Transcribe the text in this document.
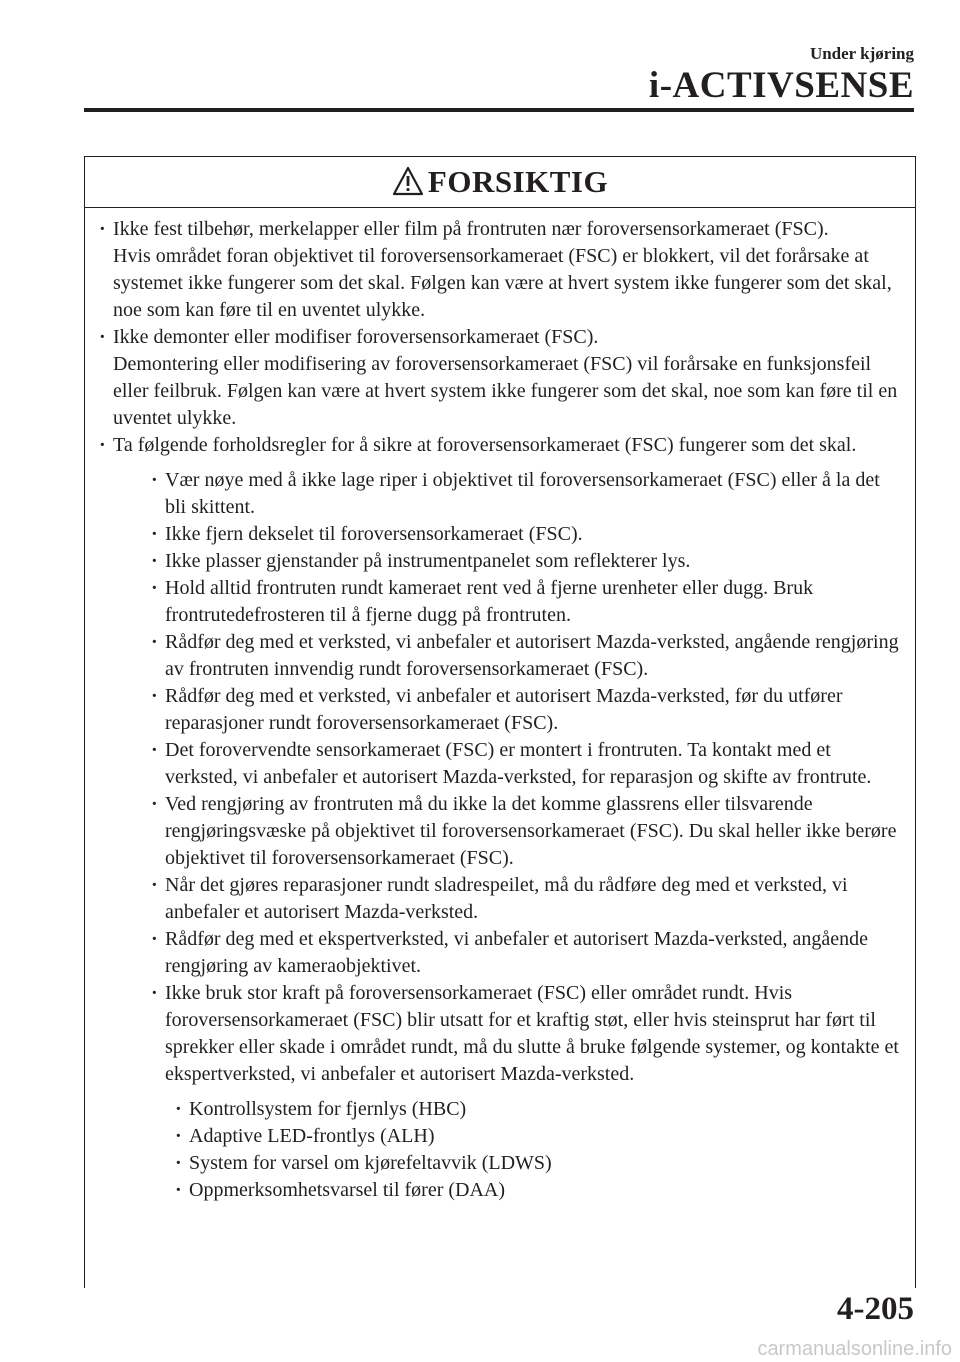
Under kjøring
i-ACTIVSENSE
FORSIKTIG
· Ikke fest tilbehør, merkelapper eller film på frontruten nær foroversensorkameraet (FSC).
Hvis området foran objektivet til foroversensorkameraet (FSC) er blokkert, vil det forårsake at systemet ikke fungerer som det skal. Følgen kan være at hvert system ikke fungerer som det skal, noe som kan føre til en uventet ulykke.
· Ikke demonter eller modifiser foroversensorkameraet (FSC).
Demontering eller modifisering av foroversensorkameraet (FSC) vil forårsake en funksjonsfeil eller feilbruk. Følgen kan være at hvert system ikke fungerer som det skal, noe som kan føre til en uventet ulykke.
· Ta følgende forholdsregler for å sikre at foroversensorkameraet (FSC) fungerer som det skal.
· Vær nøye med å ikke lage riper i objektivet til foroversensorkameraet (FSC) eller å la det bli skittent.
· Ikke fjern dekselet til foroversensorkameraet (FSC).
· Ikke plasser gjenstander på instrumentpanelet som reflekterer lys.
· Hold alltid frontruten rundt kameraet rent ved å fjerne urenheter eller dugg. Bruk frontrutedefrosteren til å fjerne dugg på frontruten.
· Rådfør deg med et verksted, vi anbefaler et autorisert Mazda-verksted, angående rengjøring av frontruten innvendig rundt foroversensorkameraet (FSC).
· Rådfør deg med et verksted, vi anbefaler et autorisert Mazda-verksted, før du utfører reparasjoner rundt foroversensorkameraet (FSC).
· Det forovervendte sensorkameraet (FSC) er montert i frontruten. Ta kontakt med et verksted, vi anbefaler et autorisert Mazda-verksted, for reparasjon og skifte av frontrute.
· Ved rengjøring av frontruten må du ikke la det komme glassrens eller tilsvarende rengjøringsvæske på objektivet til foroversensorkameraet (FSC). Du skal heller ikke berøre objektivet til foroversensorkameraet (FSC).
· Når det gjøres reparasjoner rundt sladrespeilet, må du rådføre deg med et verksted, vi anbefaler et autorisert Mazda-verksted.
· Rådfør deg med et ekspertverksted, vi anbefaler et autorisert Mazda-verksted, angående rengjøring av kameraobjektivet.
· Ikke bruk stor kraft på foroversensorkameraet (FSC) eller området rundt. Hvis foroversensorkameraet (FSC) blir utsatt for et kraftig støt, eller hvis steinsprut har ført til sprekker eller skade i området rundt, må du slutte å bruke følgende systemer, og kontakte et ekspertverksted, vi anbefaler et autorisert Mazda-verksted.
· Kontrollsystem for fjernlys (HBC)
· Adaptive LED-frontlys (ALH)
· System for varsel om kjørefeltavvik (LDWS)
· Oppmerksomhetsvarsel til fører (DAA)
4-205
carmanualsonline.info
